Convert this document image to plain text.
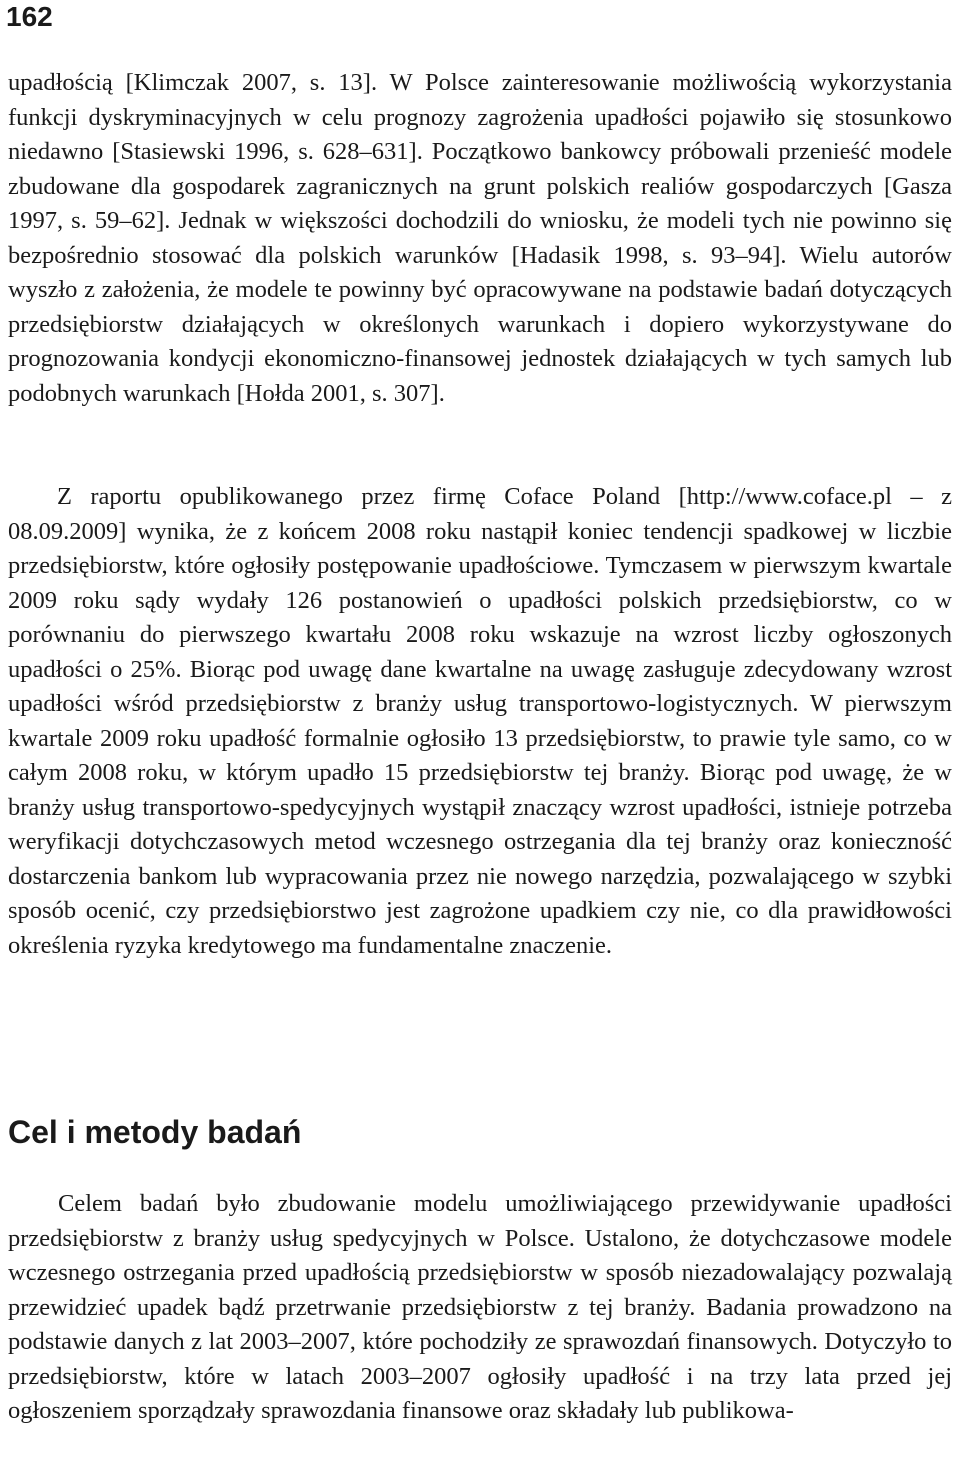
162

upadłością [Klimczak 2007, s. 13]. W Polsce zainteresowanie możliwością wykorzystania funkcji dyskryminacyjnych w celu prognozy zagrożenia upadłości pojawiło się stosunkowo niedawno [Stasiewski 1996, s. 628–631]. Początkowo bankowcy próbowali przenieść modele zbudowane dla gospodarek zagranicznych na grunt polskich realiów gospodarczych [Gasza 1997, s. 59–62]. Jednak w większości dochodzili do wniosku, że modeli tych nie powinno się bezpośrednio stosować dla polskich warunków [Hadasik 1998, s. 93–94]. Wielu autorów wyszło z założenia, że modele te powinny być opracowywane na podstawie badań dotyczących przedsiębiorstw działających w określonych warunkach i dopiero wykorzystywane do prognozowania kondycji ekonomiczno-finansowej jednostek działających w tych samych lub podobnych warunkach [Hołda 2001, s. 307].

Z raportu opublikowanego przez firmę Coface Poland [http://www.coface.pl – z 08.09.2009] wynika, że z końcem 2008 roku nastąpił koniec tendencji spadkowej w liczbie przedsiębiorstw, które ogłosiły postępowanie upadłościowe. Tymczasem w pierwszym kwartale 2009 roku sądy wydały 126 postanowień o upadłości polskich przedsiębiorstw, co w porównaniu do pierwszego kwartału 2008 roku wskazuje na wzrost liczby ogłoszonych upadłości o 25%. Biorąc pod uwagę dane kwartalne na uwagę zasługuje zdecydowany wzrost upadłości wśród przedsiębiorstw z branży usług transportowo-logistycznych. W pierwszym kwartale 2009 roku upadłość formalnie ogłosiło 13 przedsiębiorstw, to prawie tyle samo, co w całym 2008 roku, w którym upadło 15 przedsiębiorstw tej branży. Biorąc pod uwagę, że w branży usług transportowo-spedycyjnych wystąpił znaczący wzrost upadłości, istnieje potrzeba weryfikacji dotychczasowych metod wczesnego ostrzegania dla tej branży oraz konieczność dostarczenia bankom lub wypracowania przez nie nowego narzędzia, pozwalającego w szybki sposób ocenić, czy przedsiębiorstwo jest zagrożone upadkiem czy nie, co dla prawidłowości określenia ryzyka kredytowego ma fundamentalne znaczenie.

Cel i metody badań

Celem badań było zbudowanie modelu umożliwiającego przewidywanie upadłości przedsiębiorstw z branży usług spedycyjnych w Polsce. Ustalono, że dotychczasowe modele wczesnego ostrzegania przed upadłością przedsiębiorstw w sposób niezadowalający pozwalają przewidzieć upadek bądź przetrwanie przedsiębiorstw z tej branży. Badania prowadzono na podstawie danych z lat 2003–2007, które pochodziły ze sprawozdań finansowych. Dotyczyło to przedsiębiorstw, które w latach 2003–2007 ogłosiły upadłość i na trzy lata przed jej ogłoszeniem sporządzały sprawozdania finansowe oraz składały lub publikowa-
